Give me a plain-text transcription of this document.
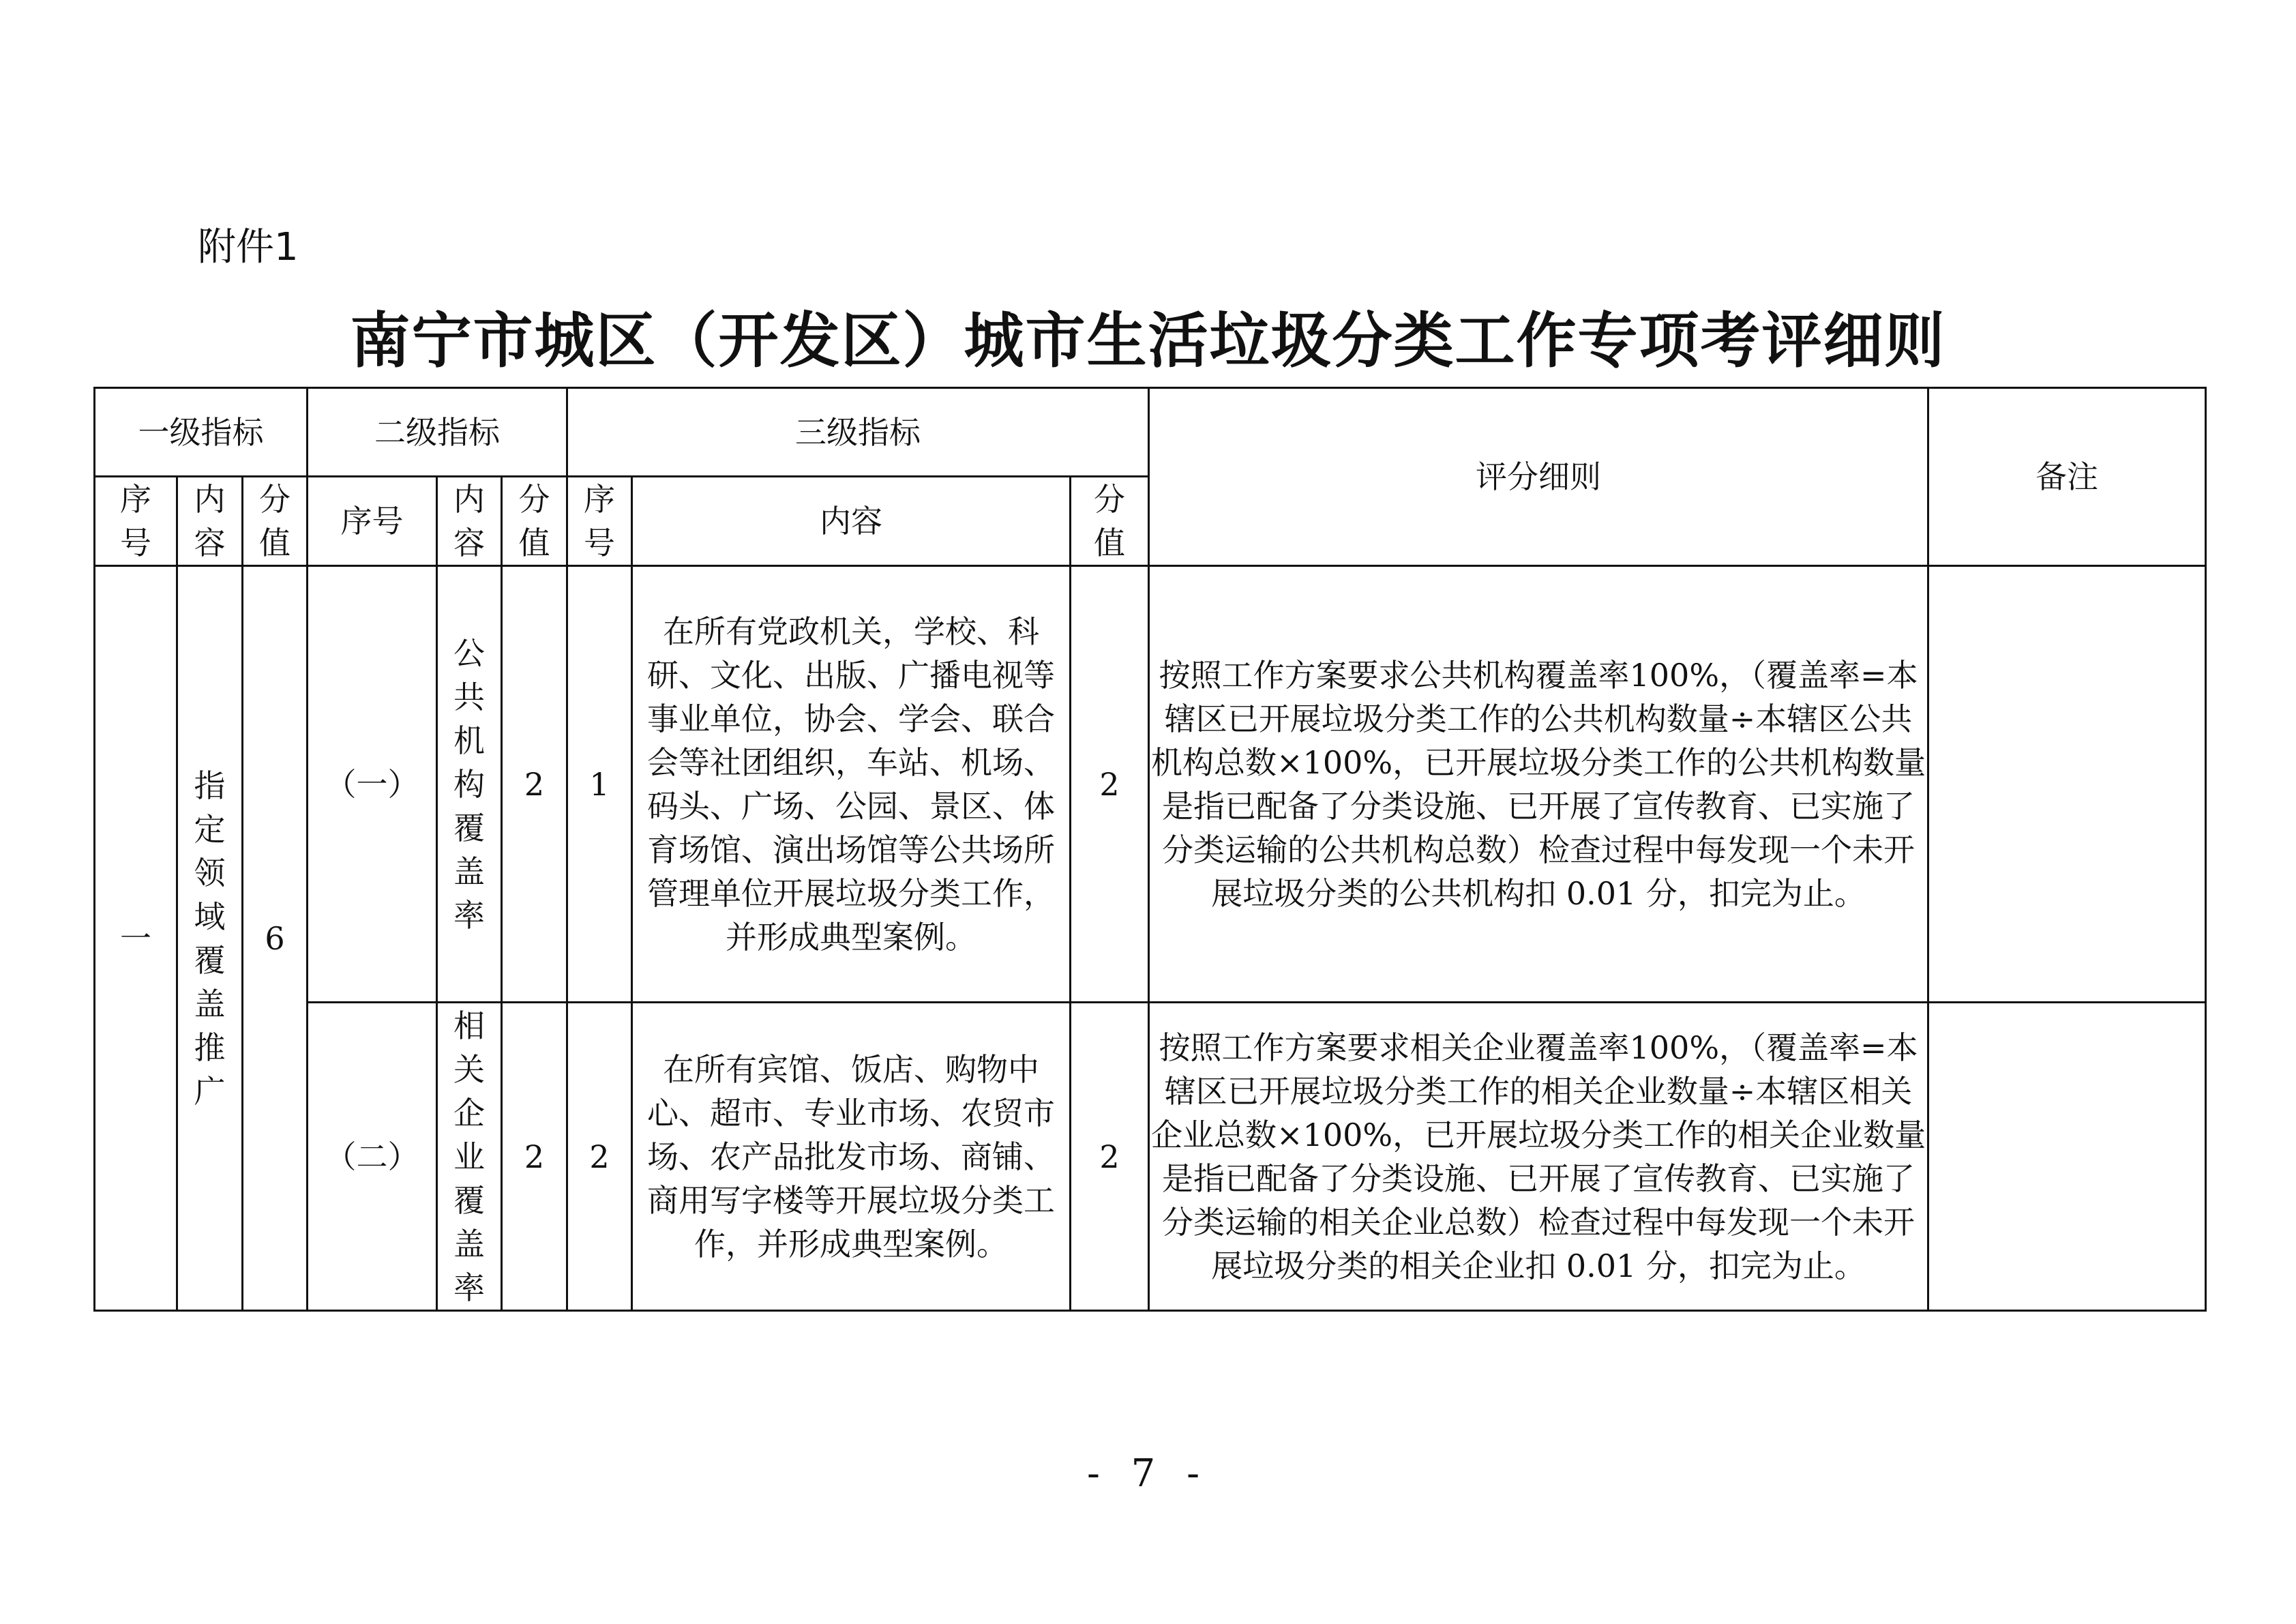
附件1
南宁市城区（开发区）城市生活垃圾分类工作专项考评细则
一级指标			二级指标			三级指标			评分细则	备注
序号	内容	分值	序号	内容	分值	序号	内容	分值		
一	指定领域覆盖推广	6	（一）	公共机构覆盖率	2	1	在所有党政机关，学校、科研、文化、出版、广播电视等事业单位，协会、学会、联合会等社团组织，车站、机场、码头、广场、公园、景区、体育场馆、演出场馆等公共场所管理单位开展垃圾分类工作，并形成典型案例。	2	按照工作方案要求公共机构覆盖率100%，（覆盖率=本辖区已开展垃圾分类工作的公共机构数量÷本辖区公共机构总数×100%，已开展垃圾分类工作的公共机构数量是指已配备了分类设施、已开展了宣传教育、已实施了分类运输的公共机构总数）检查过程中每发现一个未开展垃圾分类的公共机构扣 0.01 分，扣完为止。	
			（二）	相关企业覆盖率	2	2	在所有宾馆、饭店、购物中心、超市、专业市场、农贸市场、农产品批发市场、商铺、商用写字楼等开展垃圾分类工作，并形成典型案例。	2	按照工作方案要求相关企业覆盖率100%，（覆盖率=本辖区已开展垃圾分类工作的相关企业数量÷本辖区相关企业总数×100%，已开展垃圾分类工作的相关企业数量是指已配备了分类设施、已开展了宣传教育、已实施了分类运输的相关企业总数）检查过程中每发现一个未开展垃圾分类的相关企业扣 0.01 分，扣完为止。	
- 7 -
